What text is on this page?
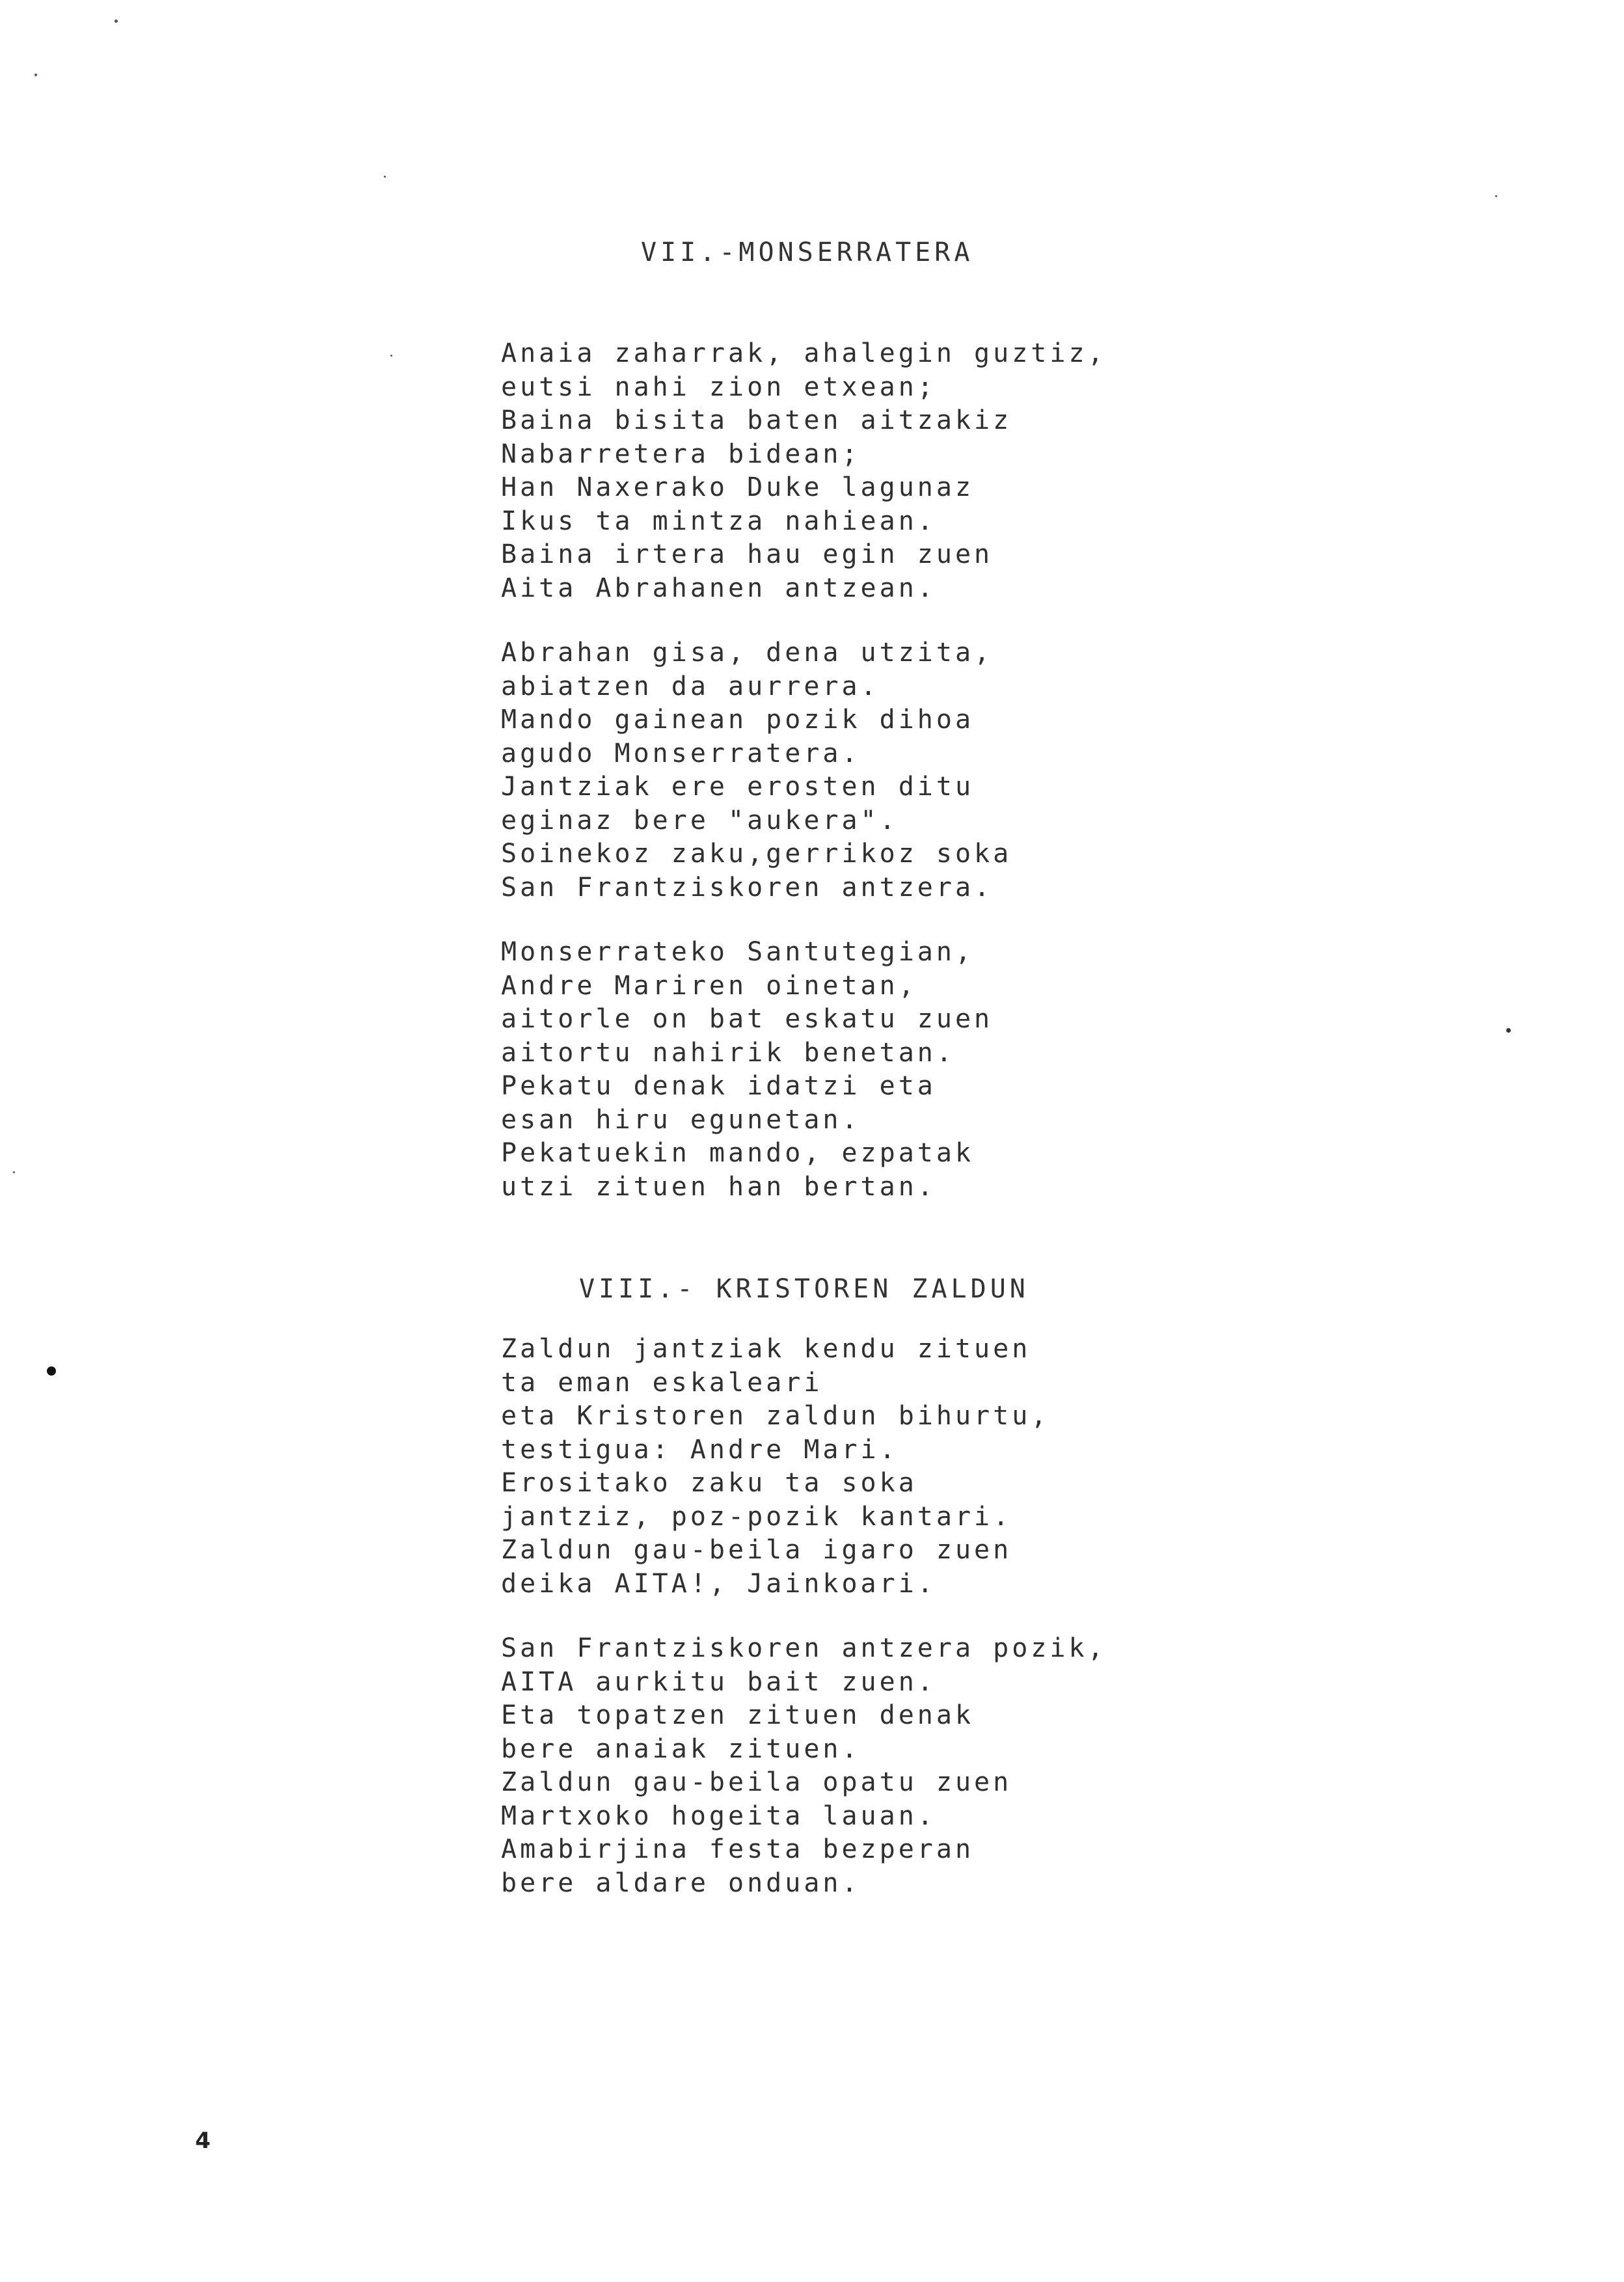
VII.-MONSERRATERA
Anaia zaharrak, ahalegin guztiz,
eutsi nahi zion etxean;
Baina bisita baten aitzakiz
Nabarretera bidean;
Han Naxerako Duke lagunaz
Ikus ta mintza nahiean.
Baina irtera hau egin zuen
Aita Abrahanen antzean.
Abrahan gisa, dena utzita,
abiatzen da aurrera.
Mando gainean pozik dihoa
agudo Monserratera.
Jantziak ere erosten ditu
eginaz bere "aukera".
Soinekoz zaku,gerrikoz soka
San Frantziskoren antzera.
Monserrateko Santutegian,
Andre Mariren oinetan,
aitorle on bat eskatu zuen
aitortu nahirik benetan.
Pekatu denak idatzi eta
esan hiru egunetan.
Pekatuekin mando, ezpatak
utzi zituen han bertan.
VIII.- KRISTOREN ZALDUN
Zaldun jantziak kendu zituen
ta eman eskaleari
eta Kristoren zaldun bihurtu,
testigua: Andre Mari.
Erositako zaku ta soka
jantziz, poz-pozik kantari.
Zaldun gau-beila igaro zuen
deika AITA!, Jainkoari.
San Frantziskoren antzera pozik,
AITA aurkitu bait zuen.
Eta topatzen zituen denak
bere anaiak zituen.
Zaldun gau-beila opatu zuen
Martxoko hogeita lauan.
Amabirjina festa bezperan
bere aldare onduan.
4
